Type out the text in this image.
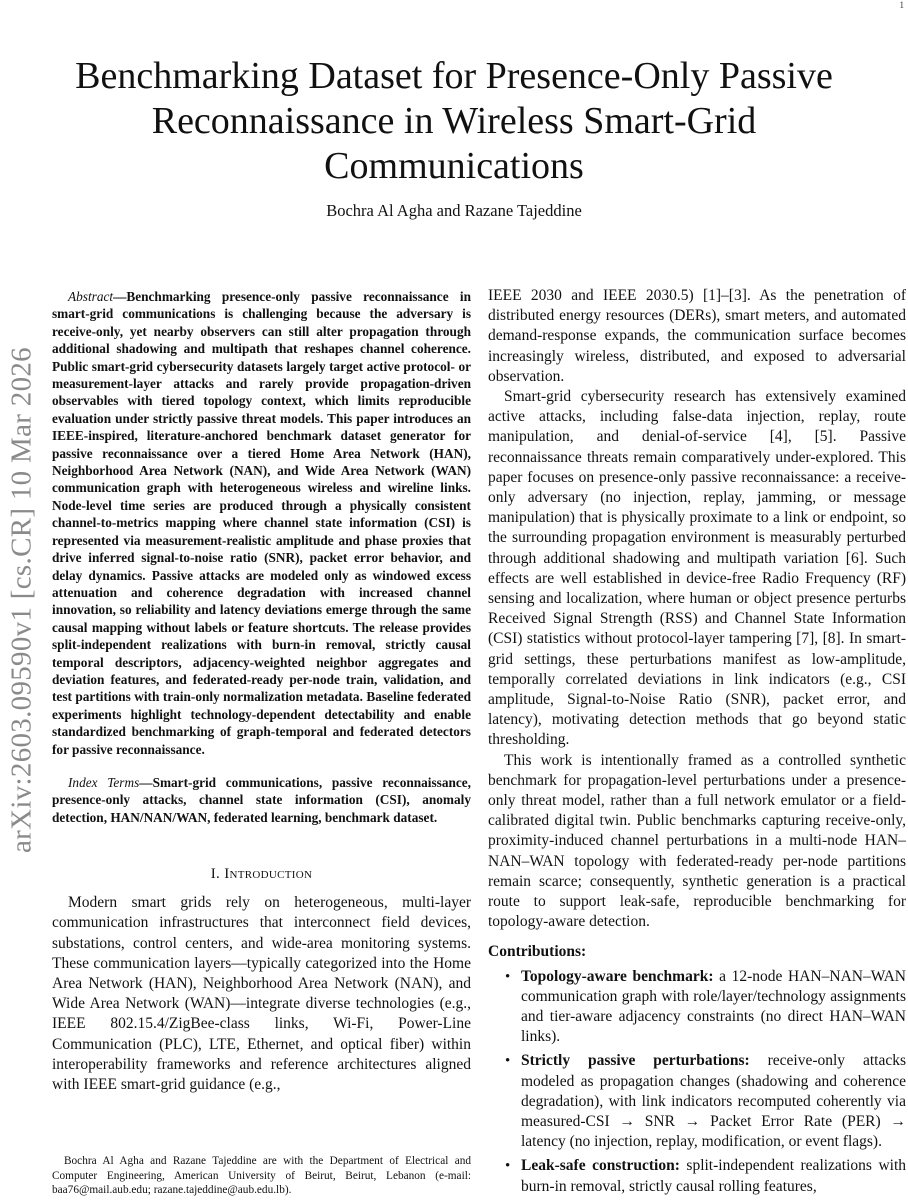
1
arXiv:2603.09590v1 [cs.CR] 10 Mar 2026
Benchmarking Dataset for Presence-Only Passive Reconnaissance in Wireless Smart-Grid Communications
Bochra Al Agha and Razane Tajeddine

Abstract—Benchmarking presence-only passive reconnaissance in smart-grid communications is challenging because the adversary is receive-only, yet nearby observers can still alter propagation through additional shadowing and multipath that reshapes channel coherence. Public smart-grid cybersecurity datasets largely target active protocol- or measurement-layer attacks and rarely provide propagation-driven observables with tiered topology context, which limits reproducible evaluation under strictly passive threat models. This paper introduces an IEEE-inspired, literature-anchored benchmark dataset generator for passive reconnaissance over a tiered Home Area Network (HAN), Neighborhood Area Network (NAN), and Wide Area Network (WAN) communication graph with heterogeneous wireless and wireline links. Node-level time series are produced through a physically consistent channel-to-metrics mapping where channel state information (CSI) is represented via measurement-realistic amplitude and phase proxies that drive inferred signal-to-noise ratio (SNR), packet error behavior, and delay dynamics. Passive attacks are modeled only as windowed excess attenuation and coherence degradation with increased channel innovation, so reliability and latency deviations emerge through the same causal mapping without labels or feature shortcuts. The release provides split-independent realizations with burn-in removal, strictly causal temporal descriptors, adjacency-weighted neighbor aggregates and deviation features, and federated-ready per-node train, validation, and test partitions with train-only normalization metadata. Baseline federated experiments highlight technology-dependent detectability and enable standardized benchmarking of graph-temporal and federated detectors for passive reconnaissance.

Index Terms—Smart-grid communications, passive reconnaissance, presence-only attacks, channel state information (CSI), anomaly detection, HAN/NAN/WAN, federated learning, benchmark dataset.

I. Introduction

Modern smart grids rely on heterogeneous, multi-layer communication infrastructures that interconnect field devices, substations, control centers, and wide-area monitoring systems. These communication layers—typically categorized into the Home Area Network (HAN), Neighborhood Area Network (NAN), and Wide Area Network (WAN)—integrate diverse technologies (e.g., IEEE 802.15.4/ZigBee-class links, Wi-Fi, Power-Line Communication (PLC), LTE, Ethernet, and optical fiber) within interoperability frameworks and reference architectures aligned with IEEE smart-grid guidance (e.g.,

IEEE 2030 and IEEE 2030.5) [1]–[3]. As the penetration of distributed energy resources (DERs), smart meters, and automated demand-response expands, the communication surface becomes increasingly wireless, distributed, and exposed to adversarial observation.

Smart-grid cybersecurity research has extensively examined active attacks, including false-data injection, replay, route manipulation, and denial-of-service [4], [5]. Passive reconnaissance threats remain comparatively under-explored. This paper focuses on presence-only passive reconnaissance: a receive-only adversary (no injection, replay, jamming, or message manipulation) that is physically proximate to a link or endpoint, so the surrounding propagation environment is measurably perturbed through additional shadowing and multipath variation [6]. Such effects are well established in device-free Radio Frequency (RF) sensing and localization, where human or object presence perturbs Received Signal Strength (RSS) and Channel State Information (CSI) statistics without protocol-layer tampering [7], [8]. In smart-grid settings, these perturbations manifest as low-amplitude, temporally correlated deviations in link indicators (e.g., CSI amplitude, Signal-to-Noise Ratio (SNR), packet error, and latency), motivating detection methods that go beyond static thresholding.

This work is intentionally framed as a controlled synthetic benchmark for propagation-level perturbations under a presence-only threat model, rather than a full network emulator or a field-calibrated digital twin. Public benchmarks capturing receive-only, proximity-induced channel perturbations in a multi-node HAN–NAN–WAN topology with federated-ready per-node partitions remain scarce; consequently, synthetic generation is a practical route to support leak-safe, reproducible benchmarking for topology-aware detection.

Contributions:
• Topology-aware benchmark: a 12-node HAN–NAN–WAN communication graph with role/layer/technology assignments and tier-aware adjacency constraints (no direct HAN–WAN links).
• Strictly passive perturbations: receive-only attacks modeled as propagation changes (shadowing and coherence degradation), with link indicators recomputed coherently via measured-CSI → SNR → Packet Error Rate (PER) → latency (no injection, replay, modification, or event flags).
• Leak-safe construction: split-independent realizations with burn-in removal, strictly causal rolling features,

Bochra Al Agha and Razane Tajeddine are with the Department of Electrical and Computer Engineering, American University of Beirut, Beirut, Lebanon (e-mail: baa76@mail.aub.edu; razane.tajeddine@aub.edu.lb).
